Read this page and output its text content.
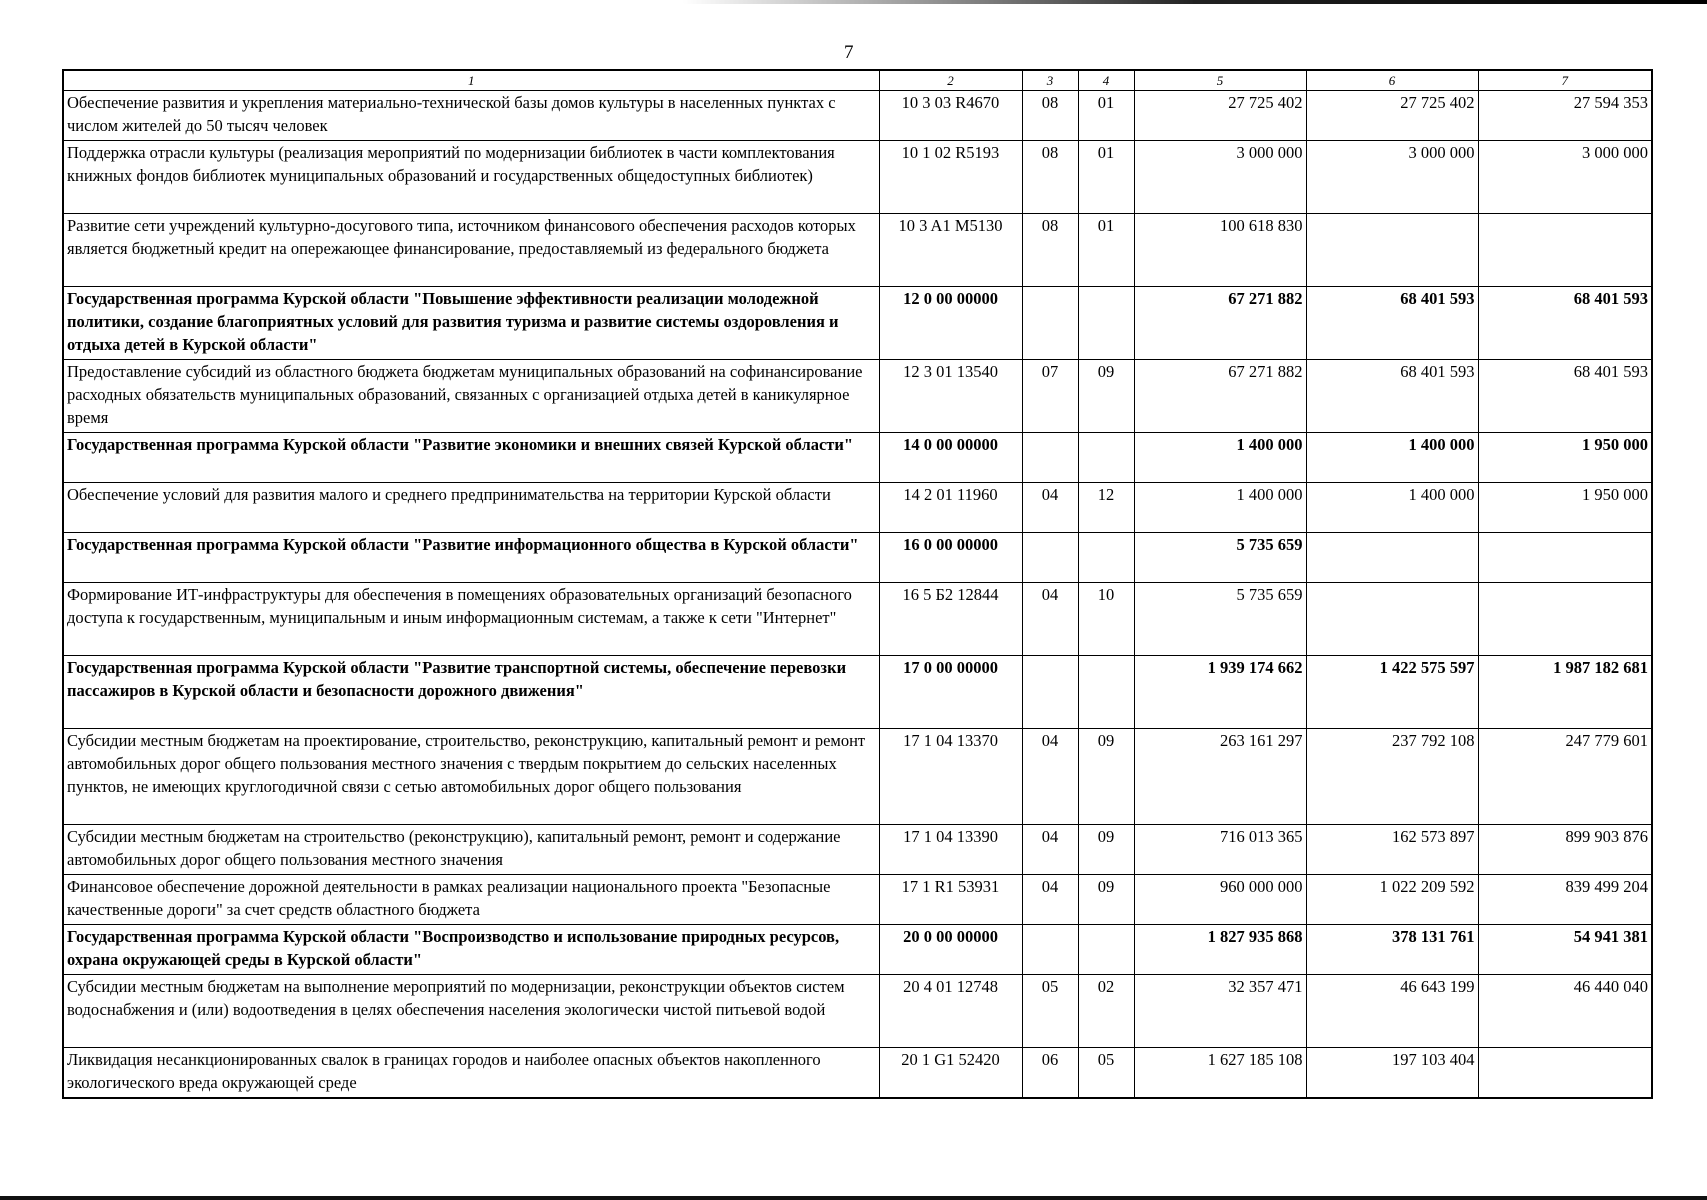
7
1	2	3	4	5	6	7
Обеспечение развития и укрепления материально-технической базы домов культуры в населенных пунктах с числом жителей до 50 тысяч человек	10 3 03 R4670	08	01	27 725 402	27 725 402	27 594 353
Поддержка отрасли культуры (реализация мероприятий по модернизации библиотек в части комплектования книжных фондов библиотек муниципальных образований и государственных общедоступных библиотек)	10 1 02 R5193	08	01	3 000 000	3 000 000	3 000 000
Развитие сети учреждений культурно-досугового типа, источником финансового обеспечения расходов которых является бюджетный кредит на опережающее финансирование, предоставляемый из федерального бюджета	10 3 A1 M5130	08	01	100 618 830		
Государственная программа Курской области "Повышение эффективности реализации молодежной политики, создание благоприятных условий для развития туризма и развитие системы оздоровления и отдыха детей в Курской области"	12 0 00 00000			67 271 882	68 401 593	68 401 593
Предоставление субсидий из областного бюджета бюджетам муниципальных образований на софинансирование расходных обязательств муниципальных образований, связанных с организацией отдыха детей в каникулярное время	12 3 01 13540	07	09	67 271 882	68 401 593	68 401 593
Государственная программа Курской области "Развитие экономики и внешних связей Курской области"	14 0 00 00000			1 400 000	1 400 000	1 950 000
Обеспечение условий для развития малого и среднего предпринимательства на территории Курской области	14 2 01 11960	04	12	1 400 000	1 400 000	1 950 000
Государственная программа Курской области "Развитие информационного общества в Курской области"	16 0 00 00000			5 735 659		
Формирование ИТ-инфраструктуры для обеспечения в помещениях образовательных организаций безопасного доступа к государственным, муниципальным и иным информационным системам, а также к сети "Интернет"	16 5 Б2 12844	04	10	5 735 659		
Государственная программа Курской области "Развитие транспортной системы, обеспечение перевозки пассажиров в Курской области и безопасности дорожного движения"	17 0 00 00000			1 939 174 662	1 422 575 597	1 987 182 681
Субсидии местным бюджетам на проектирование, строительство, реконструкцию, капитальный ремонт и ремонт автомобильных дорог общего пользования местного значения с твердым покрытием до сельских населенных пунктов, не имеющих круглогодичной связи с сетью автомобильных дорог общего пользования	17 1 04 13370	04	09	263 161 297	237 792 108	247 779 601
Субсидии местным бюджетам на строительство (реконструкцию), капитальный ремонт, ремонт и содержание автомобильных дорог общего пользования местного значения	17 1 04 13390	04	09	716 013 365	162 573 897	899 903 876
Финансовое обеспечение дорожной деятельности в рамках реализации национального проекта "Безопасные качественные дороги" за счет средств областного бюджета	17 1 R1 53931	04	09	960 000 000	1 022 209 592	839 499 204
Государственная программа Курской области "Воспроизводство и использование природных ресурсов, охрана окружающей среды в Курской области"	20 0 00 00000			1 827 935 868	378 131 761	54 941 381
Субсидии местным бюджетам на выполнение мероприятий по модернизации, реконструкции объектов систем водоснабжения и (или) водоотведения в целях обеспечения населения экологически чистой питьевой водой	20 4 01 12748	05	02	32 357 471	46 643 199	46 440 040
Ликвидация несанкционированных свалок в границах городов и наиболее опасных объектов накопленного экологического вреда окружающей среде	20 1 G1 52420	06	05	1 627 185 108	197 103 404	
